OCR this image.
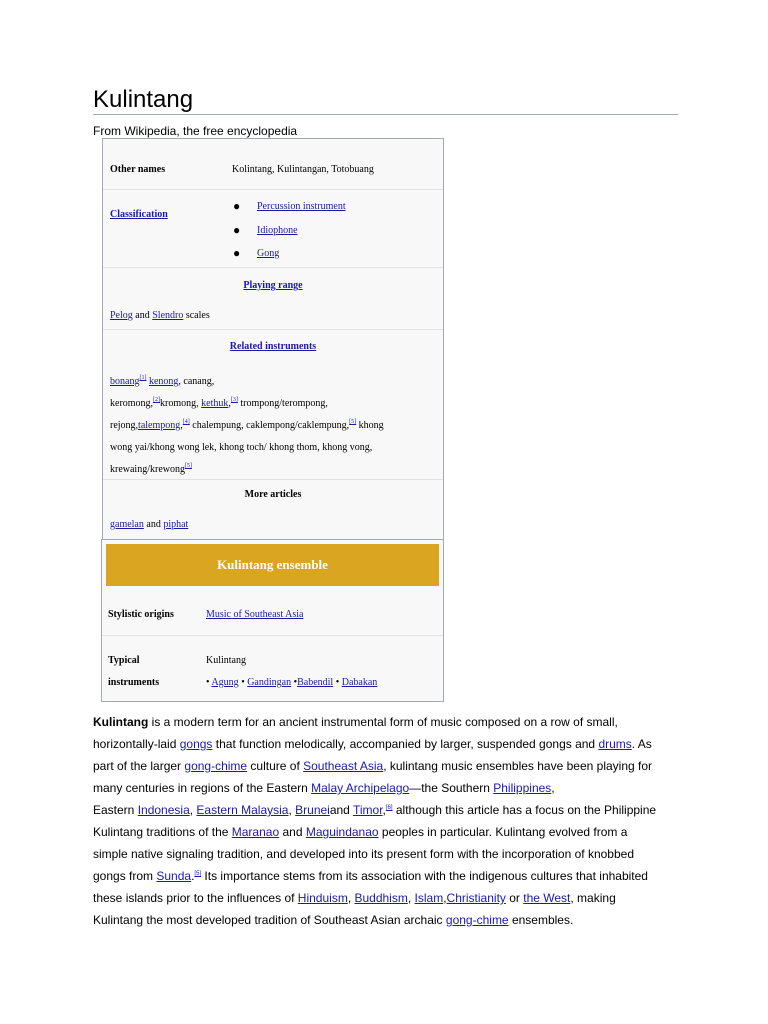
Kulintang
From Wikipedia, the free encyclopedia
Other names	Kolintang, Kulintangan, Totobuang
Classification
● Percussion instrument
● Idiophone
● Gong
Playing range
Pelog and Slendro scales
Related instruments
bonang[1] kenong, canang,
keromong,[2]kromong, kethuk,[3] trompong/terompong,
rejong,talempong,[4] chalempung, caklempong/caklempung,[5] khong
wong yai/khong wong lek, khong toch/ khong thom, khong vong,
krewaing/krewong[5]
More articles
gamelan and piphat
Kulintang ensemble
Stylistic origins	Music of Southeast Asia
Typical
instruments
Kulintang
• Agung • Gandingan •Babendil • Dabakan
Kulintang is a modern term for an ancient instrumental form of music composed on a row of small,
horizontally-laid gongs that function melodically, accompanied by larger, suspended gongs and drums. As
part of the larger gong-chime culture of Southeast Asia, kulintang music ensembles have been playing for
many centuries in regions of the Eastern Malay Archipelago—the Southern Philippines,
Eastern Indonesia, Eastern Malaysia, Bruneiand Timor,[6] although this article has a focus on the Philippine
Kulintang traditions of the Maranao and Maguindanao peoples in particular. Kulintang evolved from a
simple native signaling tradition, and developed into its present form with the incorporation of knobbed
gongs from Sunda.[5] Its importance stems from its association with the indigenous cultures that inhabited
these islands prior to the influences of Hinduism, Buddhism, Islam,Christianity or the West, making
Kulintang the most developed tradition of Southeast Asian archaic gong-chime ensembles.
